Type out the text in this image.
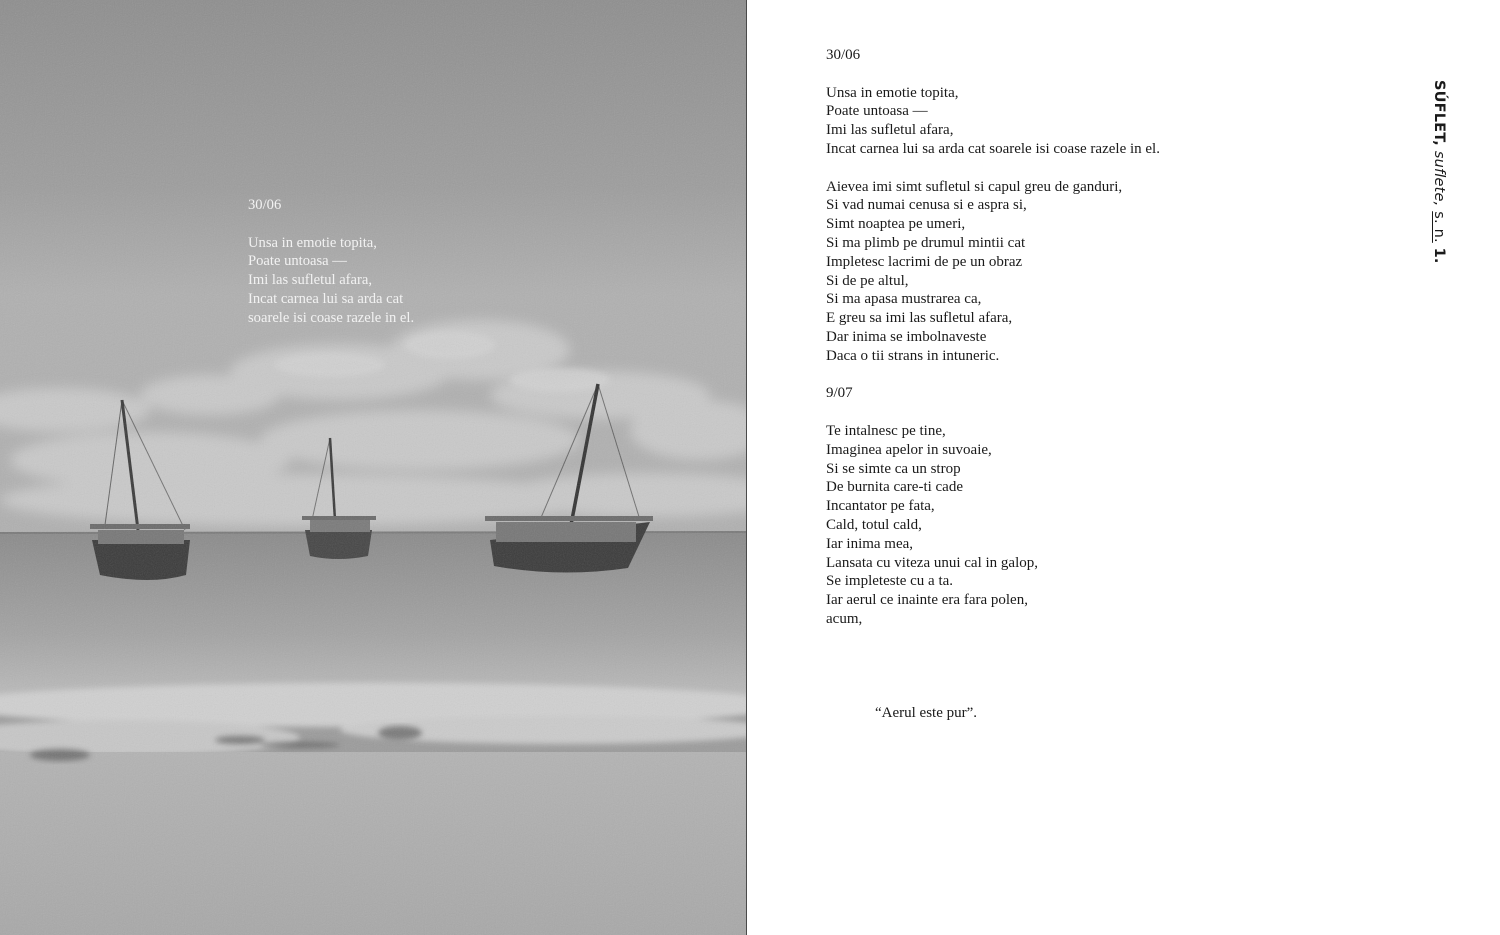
30/06
Unsa in emotie topita,
Poate untoasa —
Imi las sufletul afara,
Incat carnea lui sa arda cat
soarele isi coase razele in el.
30/06
Unsa in emotie topita,
Poate untoasa —
Imi las sufletul afara,
Incat carnea lui sa arda cat soarele isi coase razele in el.
Aievea imi simt sufletul si capul greu de ganduri,
Si vad numai cenusa si e aspra si,
Simt noaptea pe umeri,
Si ma plimb pe drumul mintii cat
Impletesc lacrimi de pe un obraz
Si de pe altul,
Si ma apasa mustrarea ca,
E greu sa imi las sufletul afara,
Dar inima se imbolnaveste
Daca o tii strans in intuneric.
9/07
Te intalnesc pe tine,
Imaginea apelor in suvoaie,
Si se simte ca un strop
De burnita care-ti cade
Incantator pe fata,
Cald, totul cald,
Iar inima mea,
Lansata cu viteza unui cal in galop,
Se impleteste cu a ta.
Iar aerul ce inainte era fara polen,
acum,
“Aerul este pur”.
SÚFLET, suflete, s. n. 1.
